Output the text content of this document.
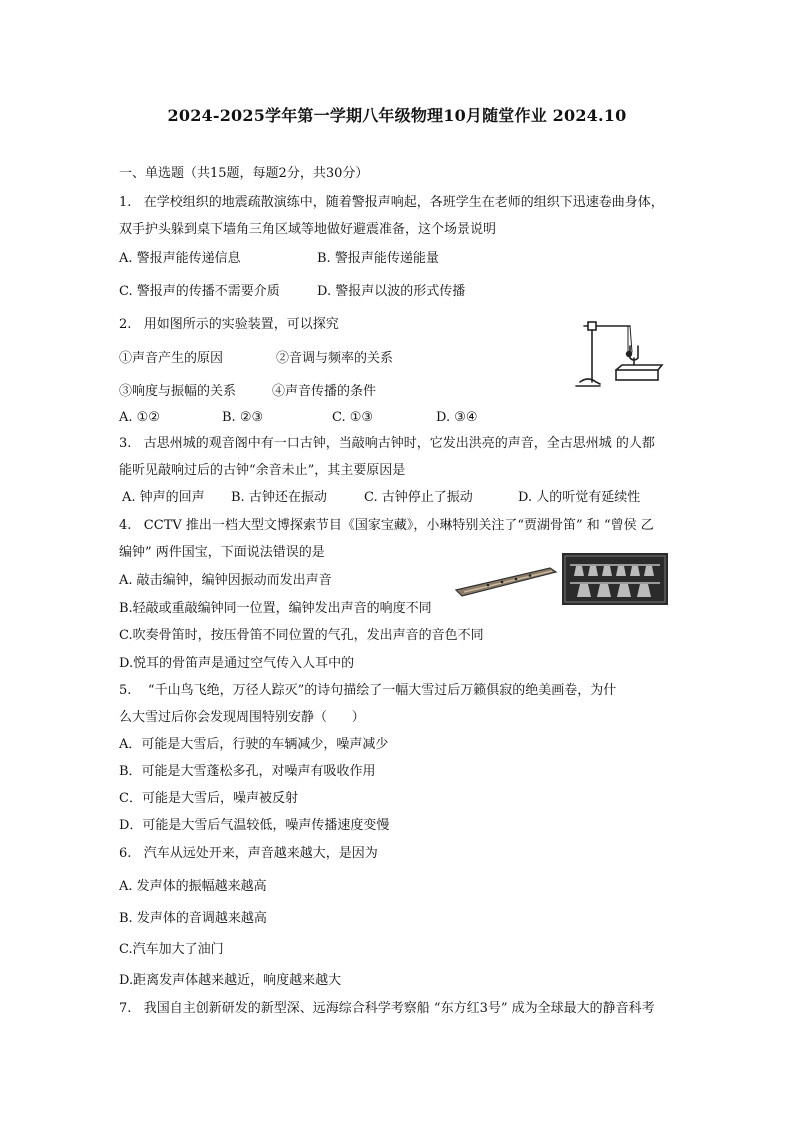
2024-2025学年第一学期八年级物理10月随堂作业 2024.10
一、单选题（共15题，每题2分，共30分）
1.   在学校组织的地震疏散演练中，随着警报声响起，各班学生在老师的组织下迅速卷曲身体，
双手护头躲到桌下墙角三角区域等地做好避震准备，这个场景说明
A. 警报声能传递信息	B. 警报声能传递能量
C. 警报声的传播不需要介质	D. 警报声以波的形式传播
2.   用如图所示的实验装置，可以探究
①声音产生的原因	②音调与频率的关系
③响度与振幅的关系	④声音传播的条件
A. ①②	B. ②③	C. ①③	D. ③④
3.   古思州城的观音阁中有一口古钟，当敲响古钟时，它发出洪亮的声音，全古思州城 的人都
能听见敲响过后的古钟“余音未止”，其主要原因是
A. 钟声的回声 B. 古钟还在振动	C. 古钟停止了振动	D. 人的听觉有延续性
4.   CCTV 推出一档大型文博探索节目《国家宝藏》，小琳特别关注了“贾湖骨笛” 和 “曾侯 乙
编钟” 两件国宝，下面说法错误的是
A. 敲击编钟，编钟因振动而发出声音
B.轻敲或重敲编钟同一位置，编钟发出声音的响度不同
C.吹奏骨笛时，按压骨笛不同位置的气孔，发出声音的音色不同
D.悦耳的骨笛声是通过空气传入人耳中的
5.    “千山鸟飞绝，万径人踪灭”的诗句描绘了一幅大雪过后万籁俱寂的绝美画卷，为什
么大雪过后你会发现周围特别安静（      ）
A．可能是大雪后，行驶的车辆减少，噪声减少
B．可能是大雪蓬松多孔，对噪声有吸收作用
C．可能是大雪后，噪声被反射
D．可能是大雪后气温较低，噪声传播速度变慢
6.   汽车从远处开来，声音越来越大，是因为
A. 发声体的振幅越来越高
B. 发声体的音调越来越高
C.汽车加大了油门
D.距离发声体越来越近，响度越来越大
7.   我国自主创新研发的新型深、远海综合科学考察船 “东方红3号” 成为全球最大的静音科考
